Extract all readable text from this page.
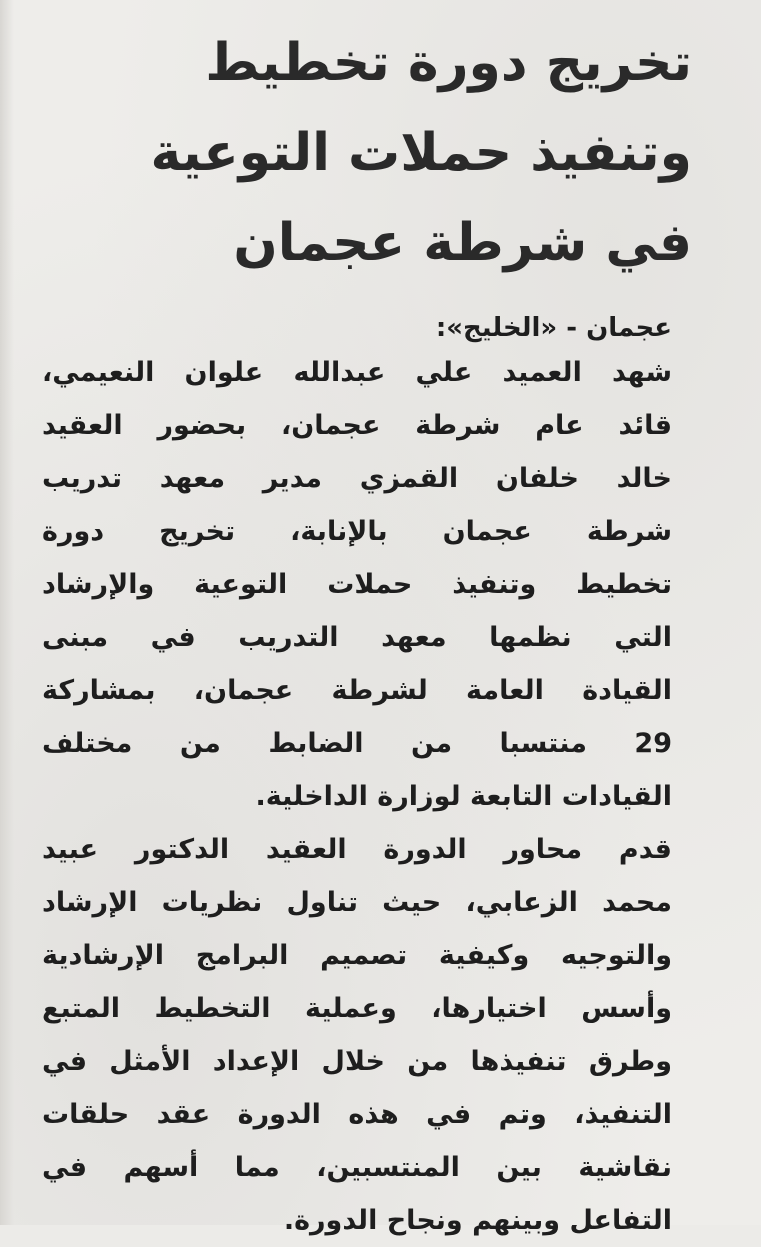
تخريج دورة تخطيط
وتنفيذ حملات التوعية
في شرطة عجمان
عجمان - «الخليج»:
شهد العميد علي عبدالله علوان النعيمي،
قائد عام شرطة عجمان، بحضور العقيد
خالد خلفان القمزي مدير معهد تدريب
شرطة عجمان بالإنابة، تخريج دورة
تخطيط وتنفيذ حملات التوعية والإرشاد
التي نظمها معهد التدريب في مبنى
القيادة العامة لشرطة عجمان، بمشاركة
29 منتسبا من الضابط من مختلف
القيادات التابعة لوزارة الداخلية.
قدم محاور الدورة العقيد الدكتور عبيد
محمد الزعابي، حيث تناول نظريات الإرشاد
والتوجيه وكيفية تصميم البرامج الإرشادية
وأسس اختيارها، وعملية التخطيط المتبع
وطرق تنفيذها من خلال الإعداد الأمثل في
التنفيذ، وتم في هذه الدورة عقد حلقات
نقاشية بين المنتسبين، مما أسهم في
التفاعل وبينهم ونجاح الدورة.
